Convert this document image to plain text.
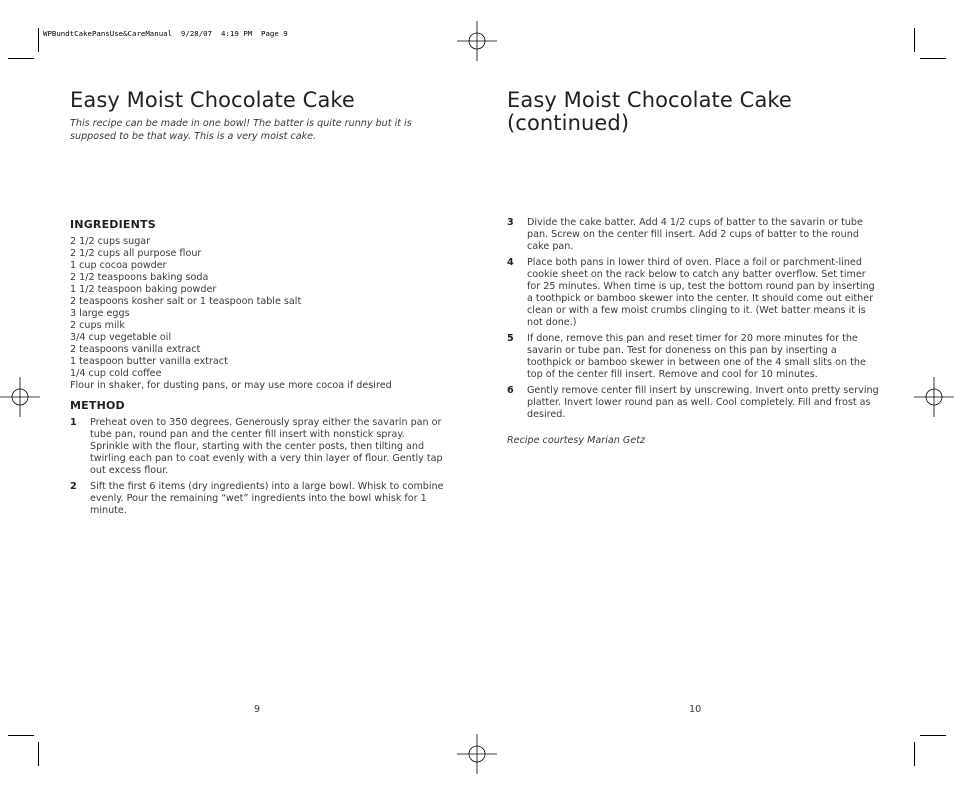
WPBundtCakePansUse&CareManual  9/28/07  4:19 PM  Page 9
Easy Moist Chocolate Cake

This recipe can be made in one bowl! The batter is quite runny but it is supposed to be that way. This is a very moist cake.

INGREDIENTS
2 1/2 cups sugar
2 1/2 cups all purpose flour
1 cup cocoa powder
2 1/2 teaspoons baking soda
1 1/2 teaspoon baking powder
2 teaspoons kosher salt or 1 teaspoon table salt
3 large eggs
2 cups milk
3/4 cup vegetable oil
2 teaspoons vanilla extract
1 teaspoon butter vanilla extract
1/4 cup cold coffee
Flour in shaker, for dusting pans, or may use more cocoa if desired
METHOD
1 Preheat oven to 350 degrees. Generously spray either the savarin pan or tube pan, round pan and the center fill insert with nonstick spray. Sprinkle with the flour, starting with the center posts, then tilting and twirling each pan to coat evenly with a very thin layer of flour. Gently tap out excess flour.
2 Sift the first 6 items (dry ingredients) into a large bowl. Whisk to combine evenly. Pour the remaining “wet” ingredients into the bowl whisk for 1 minute.
9
Easy Moist Chocolate Cake (continued)
3 Divide the cake batter. Add 4 1/2 cups of batter to the savarin or tube pan. Screw on the center fill insert. Add 2 cups of batter to the round cake pan.
4 Place both pans in lower third of oven. Place a foil or parchment-lined cookie sheet on the rack below to catch any batter overflow. Set timer for 25 minutes. When time is up, test the bottom round pan by inserting a toothpick or bamboo skewer into the center. It should come out either clean or with a few moist crumbs clinging to it. (Wet batter means it is not done.)
5 If done, remove this pan and reset timer for 20 more minutes for the savarin or tube pan. Test for doneness on this pan by inserting a toothpick or bamboo skewer in between one of the 4 small slits on the top of the center fill insert. Remove and cool for 10 minutes.
6 Gently remove center fill insert by unscrewing. Invert onto pretty serving platter. Invert lower round pan as well. Cool completely. Fill and frost as desired.

Recipe courtesy Marian Getz

10
